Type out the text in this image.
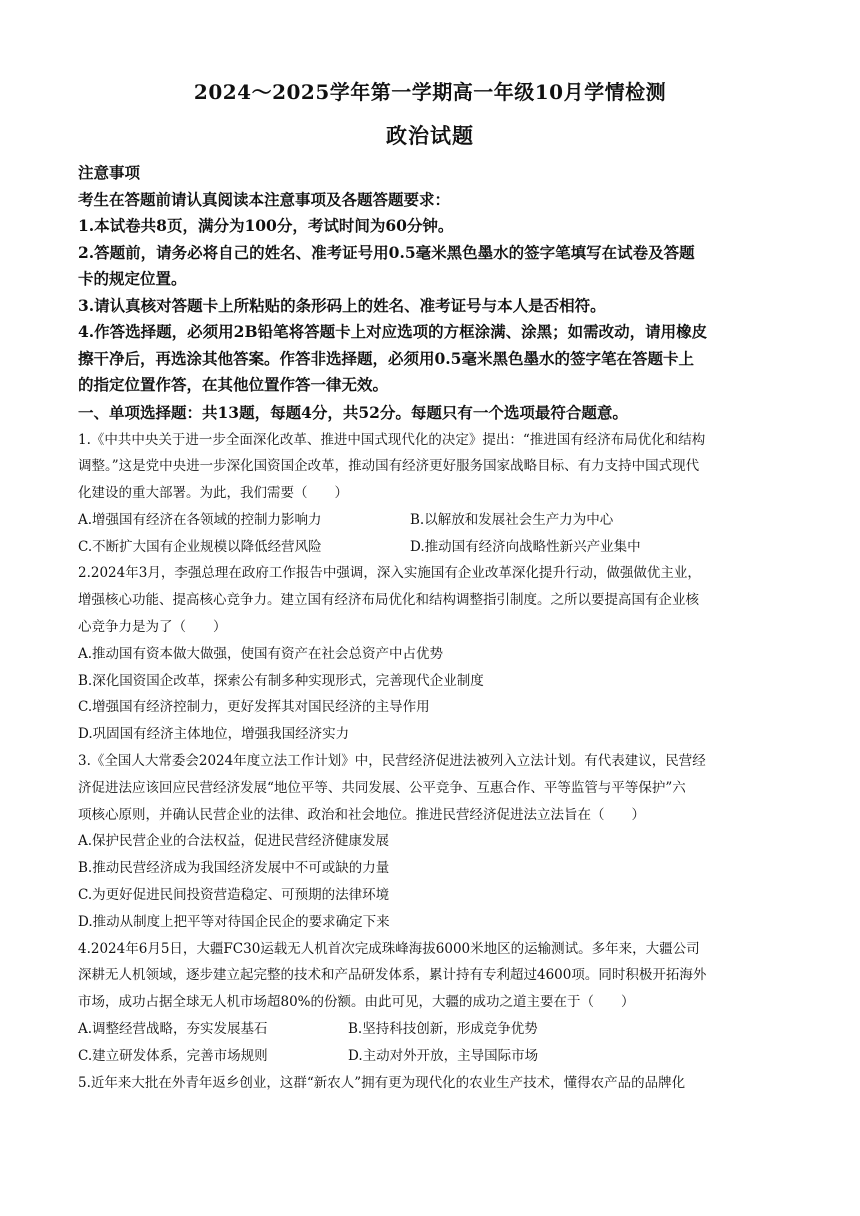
2024～2025学年第一学期高一年级10月学情检测
政治试题

注意事项

考生在答题前请认真阅读本注意事项及各题答题要求：

1.本试卷共8页，满分为100分，考试时间为60分钟。

2.答题前，请务必将自己的姓名、准考证号用0.5毫米黑色墨水的签字笔填写在试卷及答题

卡的规定位置。

3.请认真核对答题卡上所粘贴的条形码上的姓名、准考证号与本人是否相符。

4.作答选择题，必须用2B铅笔将答题卡上对应选项的方框涂满、涂黑；如需改动，请用橡皮

擦干净后，再选涂其他答案。作答非选择题，必须用0.5毫米黑色墨水的签字笔在答题卡上

的指定位置作答，在其他位置作答一律无效。

一、单项选择题：共13题，每题4分，共52分。每题只有一个选项最符合题意。

1.《中共中央关于进一步全面深化改革、推进中国式现代化的决定》提出：“推进国有经济布局优化和结构

调整。”这是党中央进一步深化国资国企改革，推动国有经济更好服务国家战略目标、有力支持中国式现代

化建设的重大部署。为此，我们需要（　　）

A.增强国有经济在各领域的控制力影响力	B.以解放和发展社会生产力为中心
C.不断扩大国有企业规模以降低经营风险	D.推动国有经济向战略性新兴产业集中

2.2024年3月，李强总理在政府工作报告中强调，深入实施国有企业改革深化提升行动，做强做优主业，

增强核心功能、提高核心竞争力。建立国有经济布局优化和结构调整指引制度。之所以要提高国有企业核

心竞争力是为了（　　）

A.推动国有资本做大做强，使国有资产在社会总资产中占优势

B.深化国资国企改革，探索公有制多种实现形式，完善现代企业制度

C.增强国有经济控制力，更好发挥其对国民经济的主导作用

D.巩固国有经济主体地位，增强我国经济实力

3.《全国人大常委会2024年度立法工作计划》中，民营经济促进法被列入立法计划。有代表建议，民营经

济促进法应该回应民营经济发展“地位平等、共同发展、公平竞争、互惠合作、平等监管与平等保护”六

项核心原则，并确认民营企业的法律、政治和社会地位。推进民营经济促进法立法旨在（　　）

A.保护民营企业的合法权益，促进民营经济健康发展

B.推动民营经济成为我国经济发展中不可或缺的力量

C.为更好促进民间投资营造稳定、可预期的法律环境

D.推动从制度上把平等对待国企民企的要求确定下来

4.2024年6月5日，大疆FC30运载无人机首次完成珠峰海拔6000米地区的运输测试。多年来，大疆公司

深耕无人机领域，逐步建立起完整的技术和产品研发体系，累计持有专利超过4600项。同时积极开拓海外

市场，成功占据全球无人机市场超80%的份额。由此可见，大疆的成功之道主要在于（　　）

A.调整经营战略，夯实发展基石	B.坚持科技创新，形成竞争优势
C.建立研发体系，完善市场规则	D.主动对外开放，主导国际市场

5.近年来大批在外青年返乡创业，这群“新农人”拥有更为现代化的农业生产技术，懂得农产品的品牌化
